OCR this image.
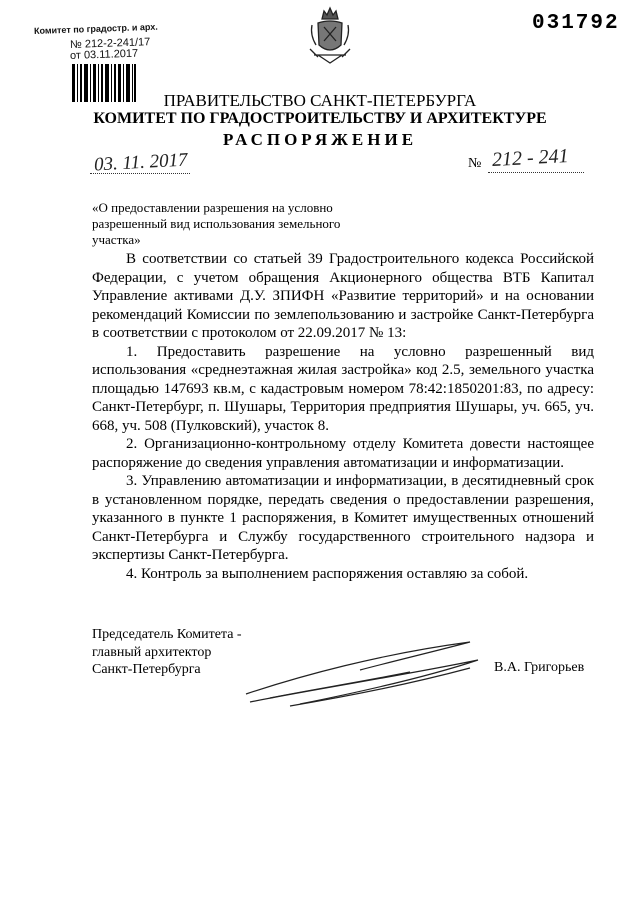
Комитет по градостр. и арх.
№ 212-2-241/17
от 03.11.2017
031792
ПРАВИТЕЛЬСТВО САНКТ-ПЕТЕРБУРГА
КОМИТЕТ ПО ГРАДОСТРОИТЕЛЬСТВУ И АРХИТЕКТУРЕ
РАСПОРЯЖЕНИЕ
03. 11. 2017	№ 212 - 241
«О предоставлении разрешения на условно разрешенный вид использования земельного участка»

В соответствии со статьей 39 Градостроительного кодекса Российской Федерации, с учетом обращения Акционерного общества ВТБ Капитал Управление активами Д.У. ЗПИФН «Развитие территорий» и на основании рекомендаций Комиссии по землепользованию и застройке Санкт-Петербурга в соответствии с протоколом от 22.09.2017 № 13:

1. Предоставить разрешение на условно разрешенный вид использования «среднеэтажная жилая застройка» код 2.5, земельного участка площадью 147693 кв.м, с кадастровым номером 78:42:1850201:83, по адресу: Санкт-Петербург, п. Шушары, Территория предприятия Шушары, уч. 665, уч. 668, уч. 508 (Пулковский), участок 8.

2. Организационно-контрольному отделу Комитета довести настоящее распоряжение до сведения управления автоматизации и информатизации.

3. Управлению автоматизации и информатизации, в десятидневный срок в установленном порядке, передать сведения о предоставлении разрешения, указанного в пункте 1 распоряжения, в Комитет имущественных отношений Санкт-Петербурга и Службу государственного строительного надзора и экспертизы Санкт-Петербурга.

4. Контроль за выполнением распоряжения оставляю за собой.

Председатель Комитета -
главный архитектор
Санкт-Петербурга	В.А. Григорьев
